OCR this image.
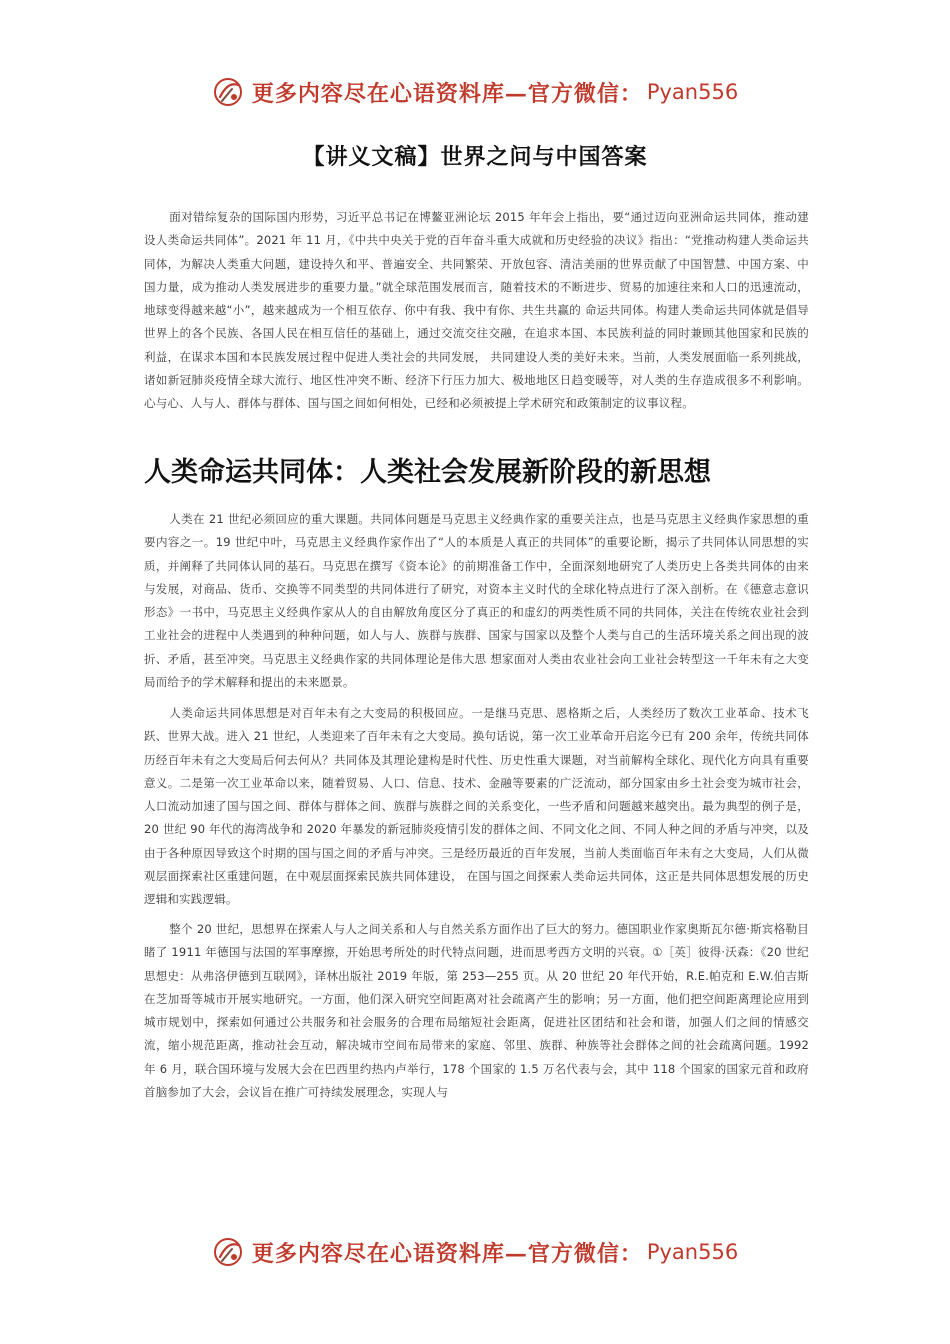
更多内容尽在心语资料库—官方微信： Pyan556
【讲义文稿】世界之问与中国答案

面对错综复杂的国际国内形势，习近平总书记在博鳌亚洲论坛 2015 年年会上指出，要“通过迈向亚洲命运共同体，推动建设人类命运共同体”。2021 年 11 月，《中共中央关于党的百年奋斗重大成就和历史经验的决议》指出：“党推动构建人类命运共同体，为解决人类重大问题，建设持久和平、普遍安全、共同繁荣、开放包容、清洁美丽的世界贡献了中国智慧、中国方案、中国力量，成为推动人类发展进步的重要力量。”就全球范围发展而言，随着技术的不断进步、贸易的加速往来和人口的迅速流动，地球变得越来越“小”，越来越成为一个相互依存、你中有我、我中有你、共生共赢的 命运共同体。构建人类命运共同体就是倡导世界上的各个民族、各国人民在相互信任的基础上，通过交流交往交融，在追求本国、本民族利益的同时兼顾其他国家和民族的利益，在谋求本国和本民族发展过程中促进人类社会的共同发展， 共同建设人类的美好未来。当前，人类发展面临一系列挑战，诸如新冠肺炎疫情全球大流行、地区性冲突不断、经济下行压力加大、极地地区日趋变暖等，对人类的生存造成很多不利影响。心与心、人与人、群体与群体、国与国之间如何相处，已经和必须被提上学术研究和政策制定的议事议程。

人类命运共同体：人类社会发展新阶段的新思想

人类在 21 世纪必须回应的重大课题。共同体问题是马克思主义经典作家的重要关注点，也是马克思主义经典作家思想的重要内容之一。19 世纪中叶，马克思主义经典作家作出了“人的本质是人真正的共同体”的重要论断，揭示了共同体认同思想的实质，并阐释了共同体认同的基石。马克思在撰写《资本论》的前期准备工作中，全面深刻地研究了人类历史上各类共同体的由来与发展，对商品、货币、交换等不同类型的共同体进行了研究，对资本主义时代的全球化特点进行了深入剖析。在《德意志意识形态》一书中，马克思主义经典作家从人的自由解放角度区分了真正的和虚幻的两类性质不同的共同体，关注在传统农业社会到工业社会的进程中人类遇到的种种问题，如人与人、族群与族群、国家与国家以及整个人类与自己的生活环境关系之间出现的波折、矛盾，甚至冲突。马克思主义经典作家的共同体理论是伟大思 想家面对人类由农业社会向工业社会转型这一千年未有之大变局而给予的学术解释和提出的未来愿景。

人类命运共同体思想是对百年未有之大变局的积极回应。一是继马克思、恩格斯之后，人类经历了数次工业革命、技术飞跃、世界大战。进入 21 世纪，人类迎来了百年未有之大变局。换句话说，第一次工业革命开启迄今已有 200 余年，传统共同体历经百年未有之大变局后何去何从？共同体及其理论建构是时代性、历史性重大课题，对当前解构全球化、现代化方向具有重要意义。二是第一次工业革命以来，随着贸易、人口、信息、技术、金融等要素的广泛流动，部分国家由乡土社会变为城市社会，人口流动加速了国与国之间、群体与群体之间、族群与族群之间的关系变化，一些矛盾和问题越来越突出。最为典型的例子是，20 世纪 90 年代的海湾战争和 2020 年暴发的新冠肺炎疫情引发的群体之间、不同文化之间、不同人种之间的矛盾与冲突，以及由于各种原因导致这个时期的国与国之间的矛盾与冲突。三是经历最近的百年发展，当前人类面临百年未有之大变局，人们从微观层面探索社区重建问题，在中观层面探索民族共同体建设， 在国与国之间探索人类命运共同体，这正是共同体思想发展的历史逻辑和实践逻辑。

整个 20 世纪，思想界在探索人与人之间关系和人与自然关系方面作出了巨大的努力。德国职业作家奥斯瓦尔德·斯宾格勒目睹了 1911 年德国与法国的军事摩擦，开始思考所处的时代特点问题，进而思考西方文明的兴衰。①［英］彼得·沃森：《20 世纪思想史：从弗洛伊德到互联网》，译林出版社 2019 年版，第 253—255 页。从 20 世纪 20 年代开始，R.E.帕克和 E.W.伯吉斯在芝加哥等城市开展实地研究。一方面，他们深入研究空间距离对社会疏离产生的影响；另一方面，他们把空间距离理论应用到城市规划中，探索如何通过公共服务和社会服务的合理布局缩短社会距离，促进社区团结和社会和谐，加强人们之间的情感交流，缩小规范距离，推动社会互动，解决城市空间布局带来的家庭、邻里、族群、种族等社会群体之间的社会疏离问题。1992 年 6 月，联合国环境与发展大会在巴西里约热内卢举行，178 个国家的 1.5 万名代表与会，其中 118 个国家的国家元首和政府首脑参加了大会，会议旨在推广可持续发展理念，实现人与

更多内容尽在心语资料库—官方微信： Pyan556
